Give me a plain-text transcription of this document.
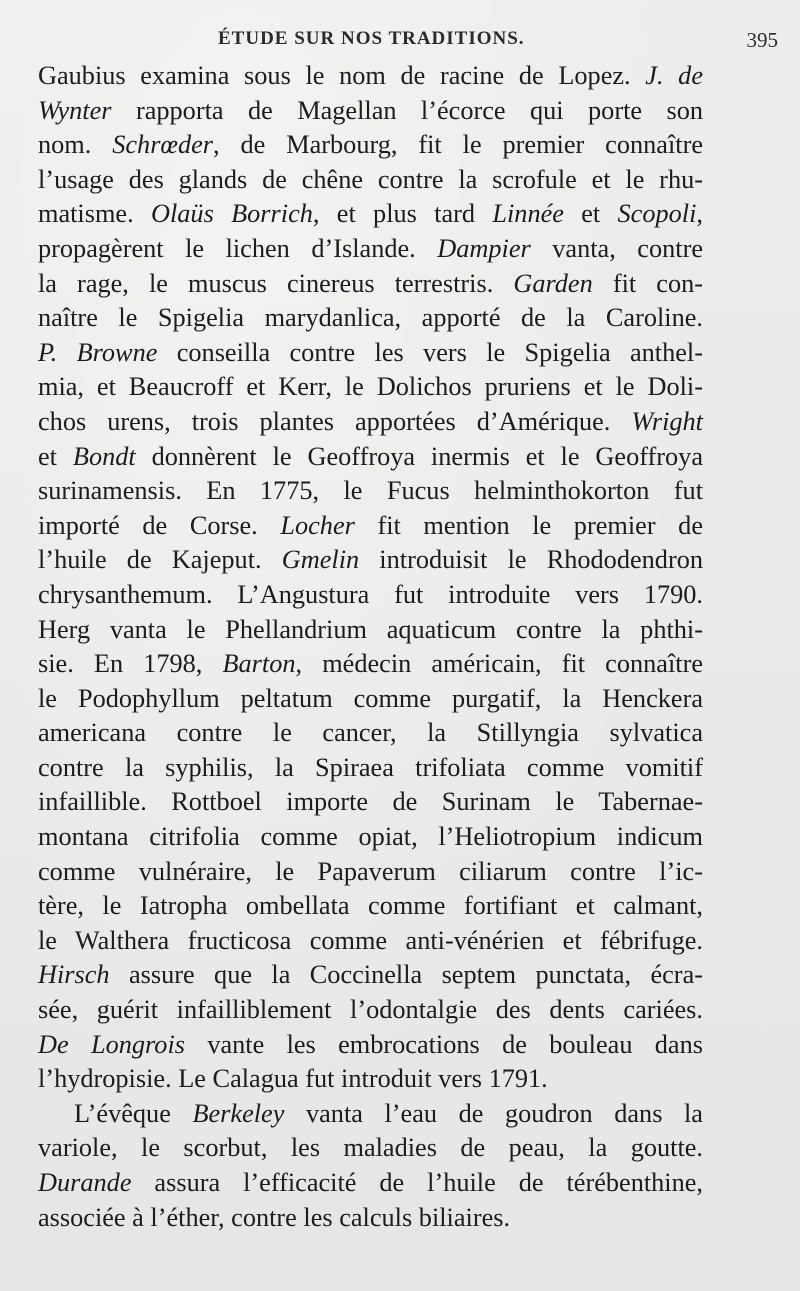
ÉTUDE SUR NOS TRADITIONS.	395
Gaubius examina sous le nom de racine de Lopez. J. de
Wynter rapporta de Magellan l’écorce qui porte son
nom. Schrœder, de Marbourg, fit le premier connaître
l’usage des glands de chêne contre la scrofule et le rhu-
matisme. Olaüs Borrich, et plus tard Linnée et Scopoli,
propagèrent le lichen d’Islande. Dampier vanta, contre
la rage, le muscus cinereus terrestris. Garden fit con-
naître le Spigelia marydanlica, apporté de la Caroline.
P. Browne conseilla contre les vers le Spigelia anthel-
mia, et Beaucroff et Kerr, le Dolichos pruriens et le Doli-
chos urens, trois plantes apportées d’Amérique. Wright
et Bondt donnèrent le Geoffroya inermis et le Geoffroya
surinamensis. En 1775, le Fucus helminthokorton fut
importé de Corse. Locher fit mention le premier de
l’huile de Kajeput. Gmelin introduisit le Rhododendron
chrysanthemum. L’Angustura fut introduite vers 1790.
Herg vanta le Phellandrium aquaticum contre la phthi-
sie. En 1798, Barton, médecin américain, fit connaître
le Podophyllum peltatum comme purgatif, la Henckera
americana contre le cancer, la Stillyngia sylvatica
contre la syphilis, la Spiraea trifoliata comme vomitif
infaillible. Rottboel importe de Surinam le Tabernae-
montana citrifolia comme opiat, l’Heliotropium indicum
comme vulnéraire, le Papaverum ciliarum contre l’ic-
tère, le Iatropha ombellata comme fortifiant et calmant,
le Walthera fructicosa comme anti-vénérien et fébrifuge.
Hirsch assure que la Coccinella septem punctata, écra-
sée, guérit infailliblement l’odontalgie des dents cariées.
De Longrois vante les embrocations de bouleau dans
l’hydropisie. Le Calagua fut introduit vers 1791.
L’évêque Berkeley vanta l’eau de goudron dans la
variole, le scorbut, les maladies de peau, la goutte.
Durande assura l’efficacité de l’huile de térébenthine,
associée à l’éther, contre les calculs biliaires.
